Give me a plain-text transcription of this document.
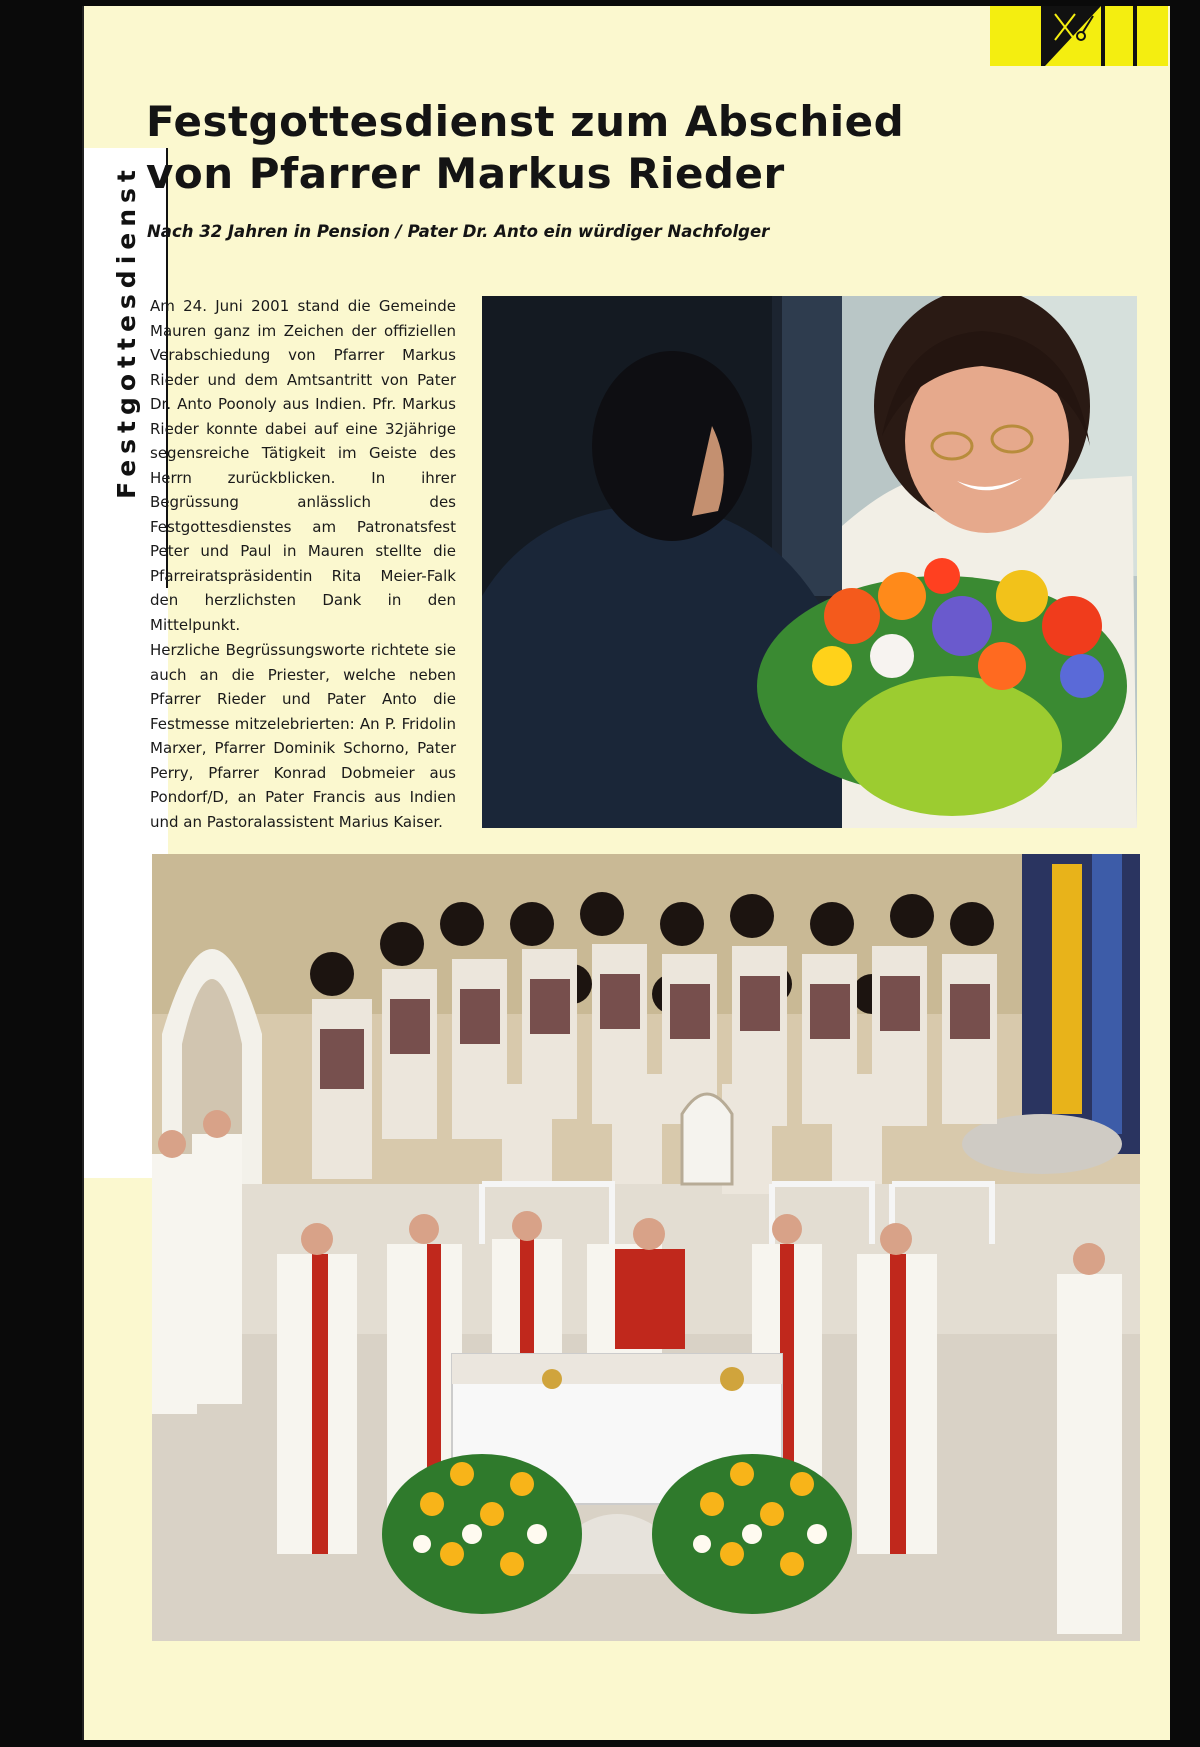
Festgottesdienst
Festgottesdienst zum Abschied von Pfarrer Markus Rieder

Nach 32 Jahren in Pension / Pater Dr. Anto ein würdiger Nachfolger

Am 24. Juni 2001 stand die Gemeinde Mauren ganz im Zeichen der offiziellen Verabschiedung von Pfarrer Markus Rieder und dem Amtsantritt von Pater Dr. Anto Poonoly aus Indien. Pfr. Markus Rieder konnte dabei auf eine 32jährige segensreiche Tätigkeit im Geiste des Herrn zurückblicken. In ihrer Begrüssung anlässlich des Festgottesdienstes am Patronatsfest Peter und Paul in Mauren stellte die Pfarreiratspräsidentin Rita Meier-Falk den herzlichsten Dank in den Mittelpunkt.
Herzliche Begrüssungsworte richtete sie auch an die Priester, welche neben Pfarrer Rieder und Pater Anto die Festmesse mitzelebrierten: An P. Fridolin Marxer, Pfarrer Dominik Schorno, Pater Perry, Pfarrer Konrad Dobmeier aus Pondorf/D, an Pater Francis aus Indien und an Pastoralassistent Marius Kaiser.
